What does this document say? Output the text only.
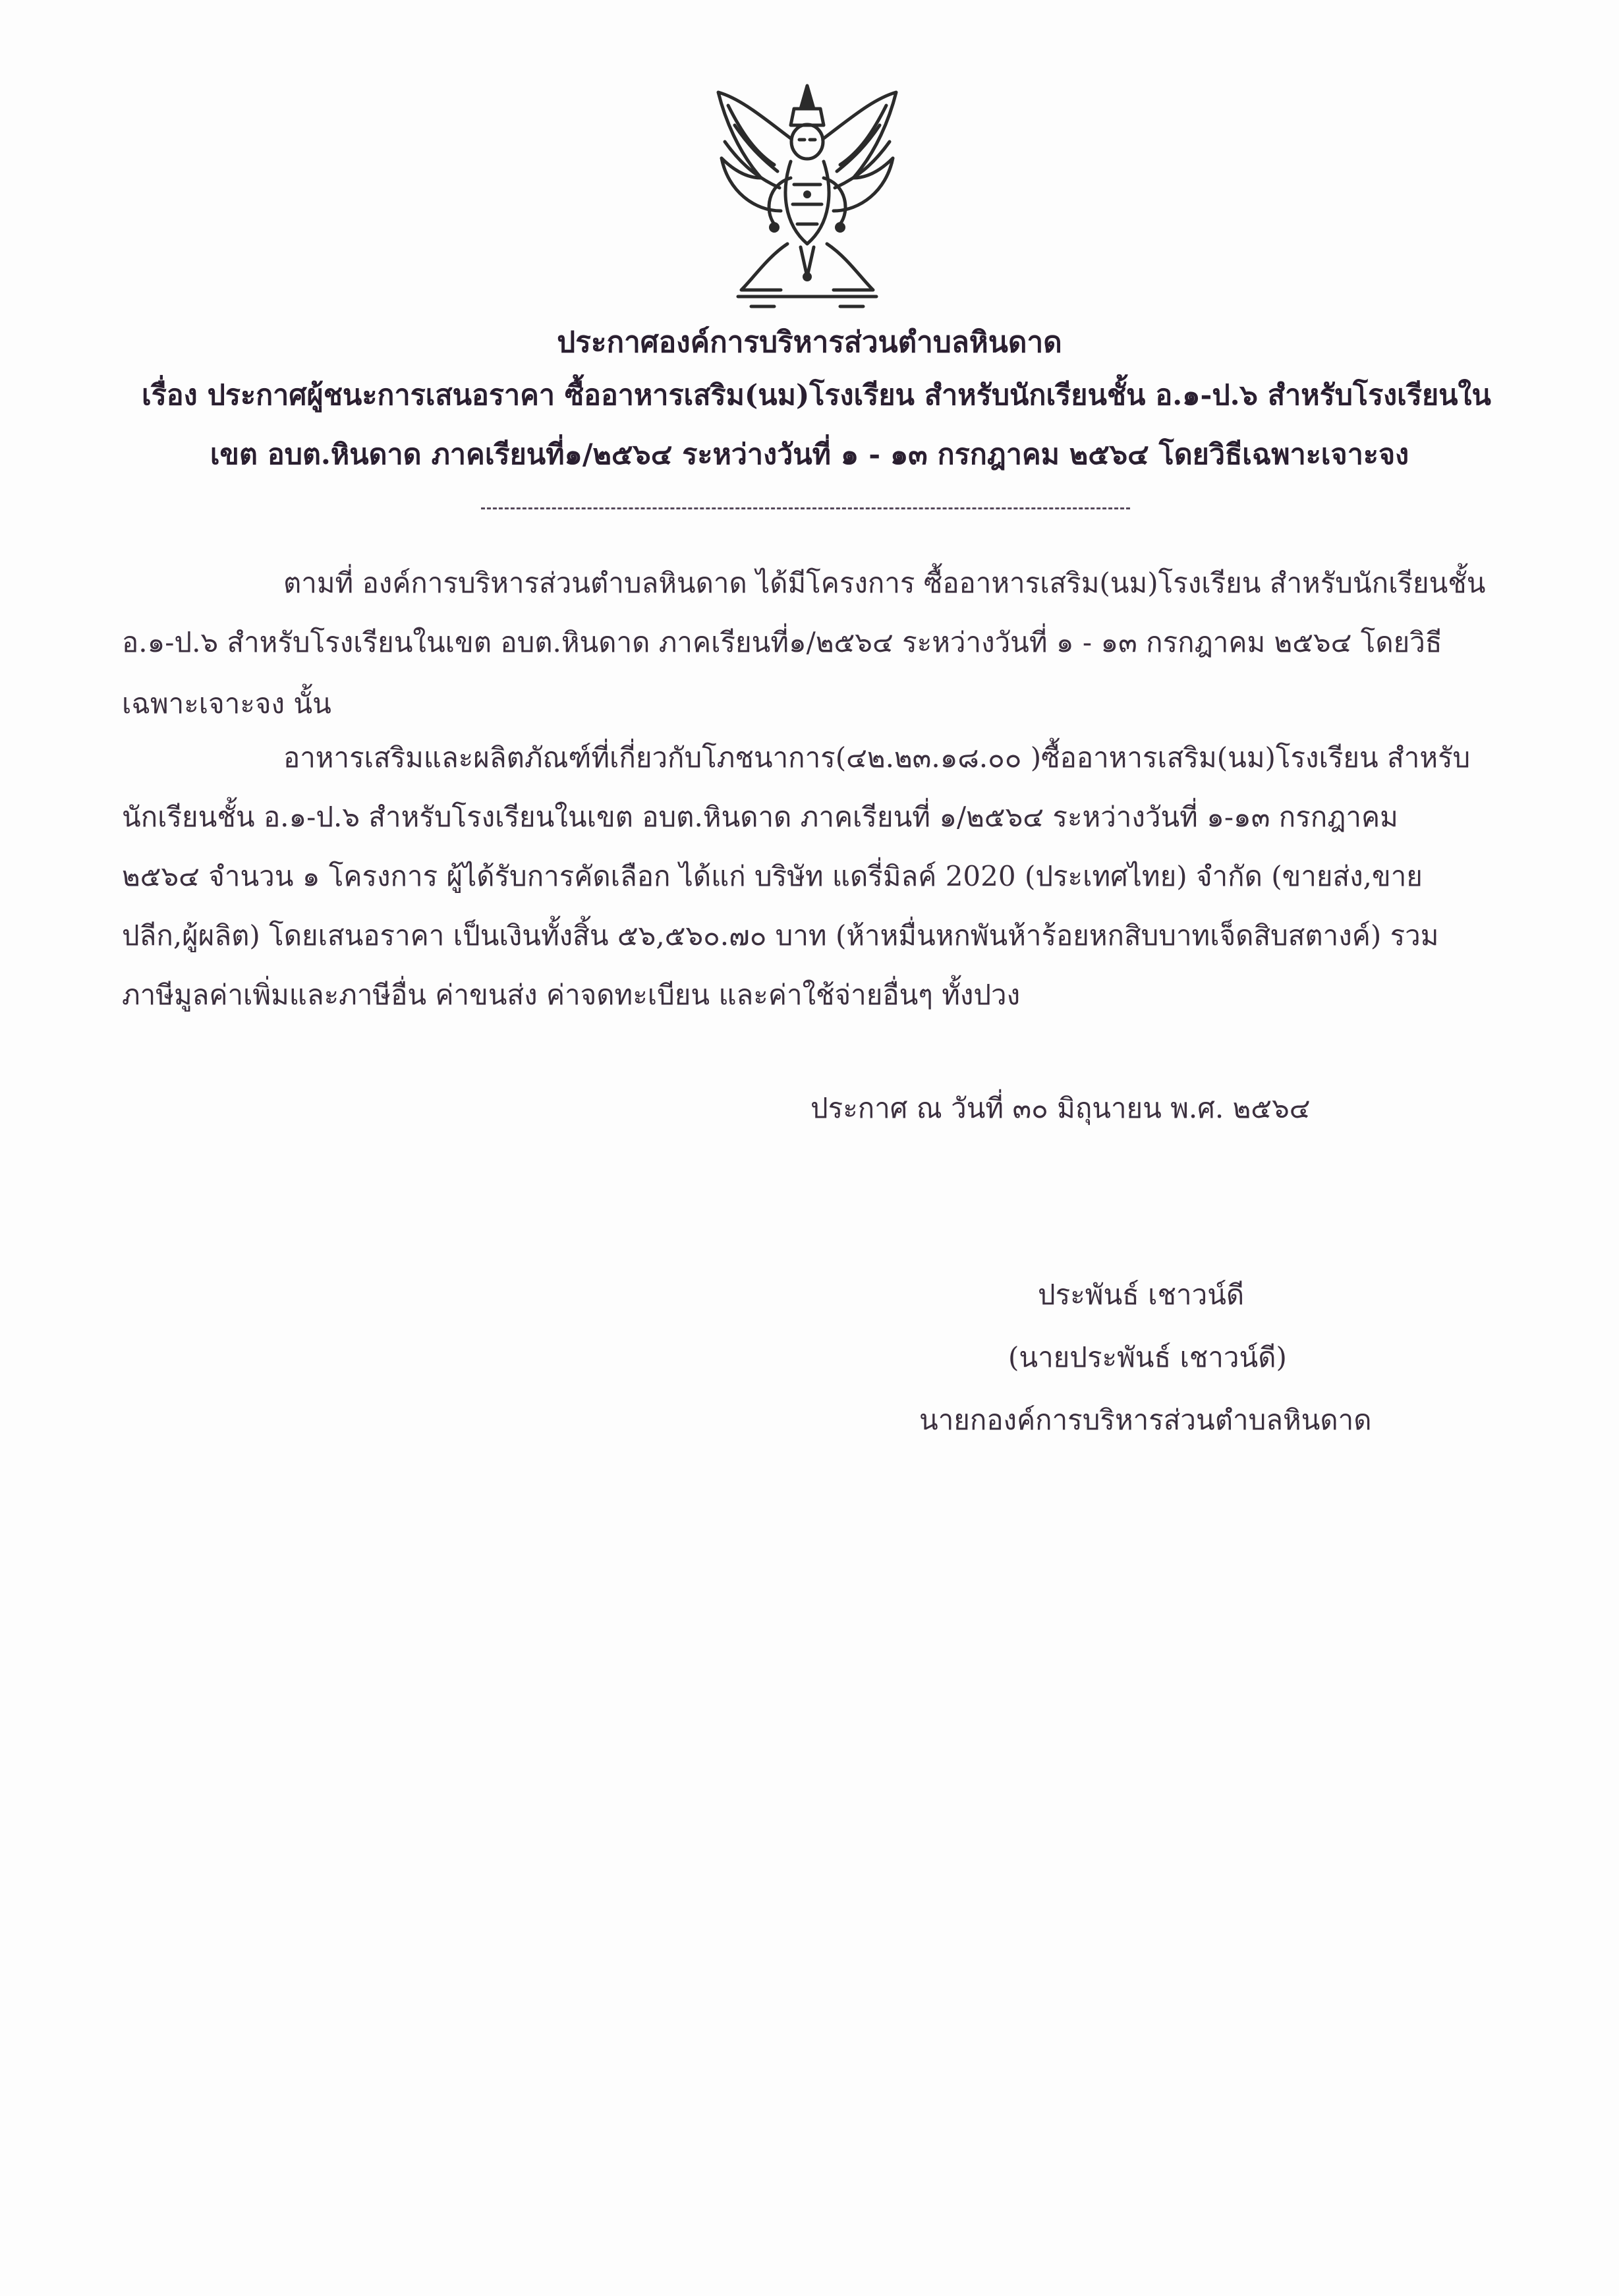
ประกาศองค์การบริหารส่วนตำบลหินดาด
เรื่อง ประกาศผู้ชนะการเสนอราคา ซื้ออาหารเสริม(นม)โรงเรียน สำหรับนักเรียนชั้น อ.๑-ป.๖ สำหรับโรงเรียนใน
เขต อบต.หินดาด ภาคเรียนที่๑/๒๕๖๔ ระหว่างวันที่ ๑ - ๑๓ กรกฎาคม ๒๕๖๔ โดยวิธีเฉพาะเจาะจง
ตามที่ องค์การบริหารส่วนตำบลหินดาด ได้มีโครงการ ซื้ออาหารเสริม(นม)โรงเรียน สำหรับนักเรียนชั้น
อ.๑-ป.๖ สำหรับโรงเรียนในเขต อบต.หินดาด ภาคเรียนที่๑/๒๕๖๔ ระหว่างวันที่ ๑ - ๑๓ กรกฎาคม ๒๕๖๔ โดยวิธี
เฉพาะเจาะจง นั้น
อาหารเสริมและผลิตภัณฑ์ที่เกี่ยวกับโภชนาการ(๔๒.๒๓.๑๘.๐๐ )ซื้ออาหารเสริม(นม)โรงเรียน สำหรับ
นักเรียนชั้น อ.๑-ป.๖ สำหรับโรงเรียนในเขต อบต.หินดาด ภาคเรียนที่ ๑/๒๕๖๔ ระหว่างวันที่ ๑-๑๓ กรกฎาคม
๒๕๖๔ จำนวน ๑ โครงการ ผู้ได้รับการคัดเลือก ได้แก่ บริษัท แดรี่มิลค์ 2020 (ประเทศไทย) จำกัด (ขายส่ง,ขาย
ปลีก,ผู้ผลิต) โดยเสนอราคา เป็นเงินทั้งสิ้น ๕๖,๕๖๐.๗๐ บาท (ห้าหมื่นหกพันห้าร้อยหกสิบบาทเจ็ดสิบสตางค์) รวม
ภาษีมูลค่าเพิ่มและภาษีอื่น ค่าขนส่ง ค่าจดทะเบียน และค่าใช้จ่ายอื่นๆ ทั้งปวง
ประกาศ ณ วันที่ ๓๐ มิถุนายน พ.ศ. ๒๕๖๔
ประพันธ์ เชาวน์ดี
(นายประพันธ์ เชาวน์ดี)
นายกองค์การบริหารส่วนตำบลหินดาด
